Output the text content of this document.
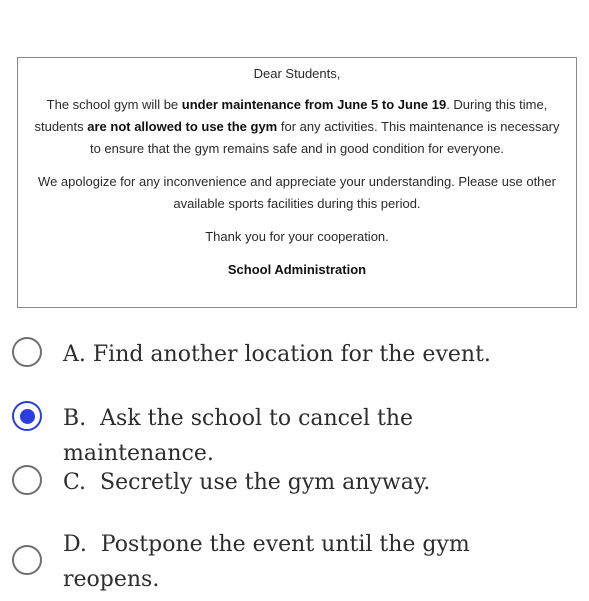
Dear Students,

The school gym will be under maintenance from June 5 to June 19. During this time, students are not allowed to use the gym for any activities. This maintenance is necessary to ensure that the gym remains safe and in good condition for everyone.

We apologize for any inconvenience and appreciate your understanding. Please use other available sports facilities during this period.

Thank you for your cooperation.

School Administration

A. Find another location for the event.
B. Ask the school to cancel the maintenance.
C. Secretly use the gym anyway.
D. Postpone the event until the gym reopens.
